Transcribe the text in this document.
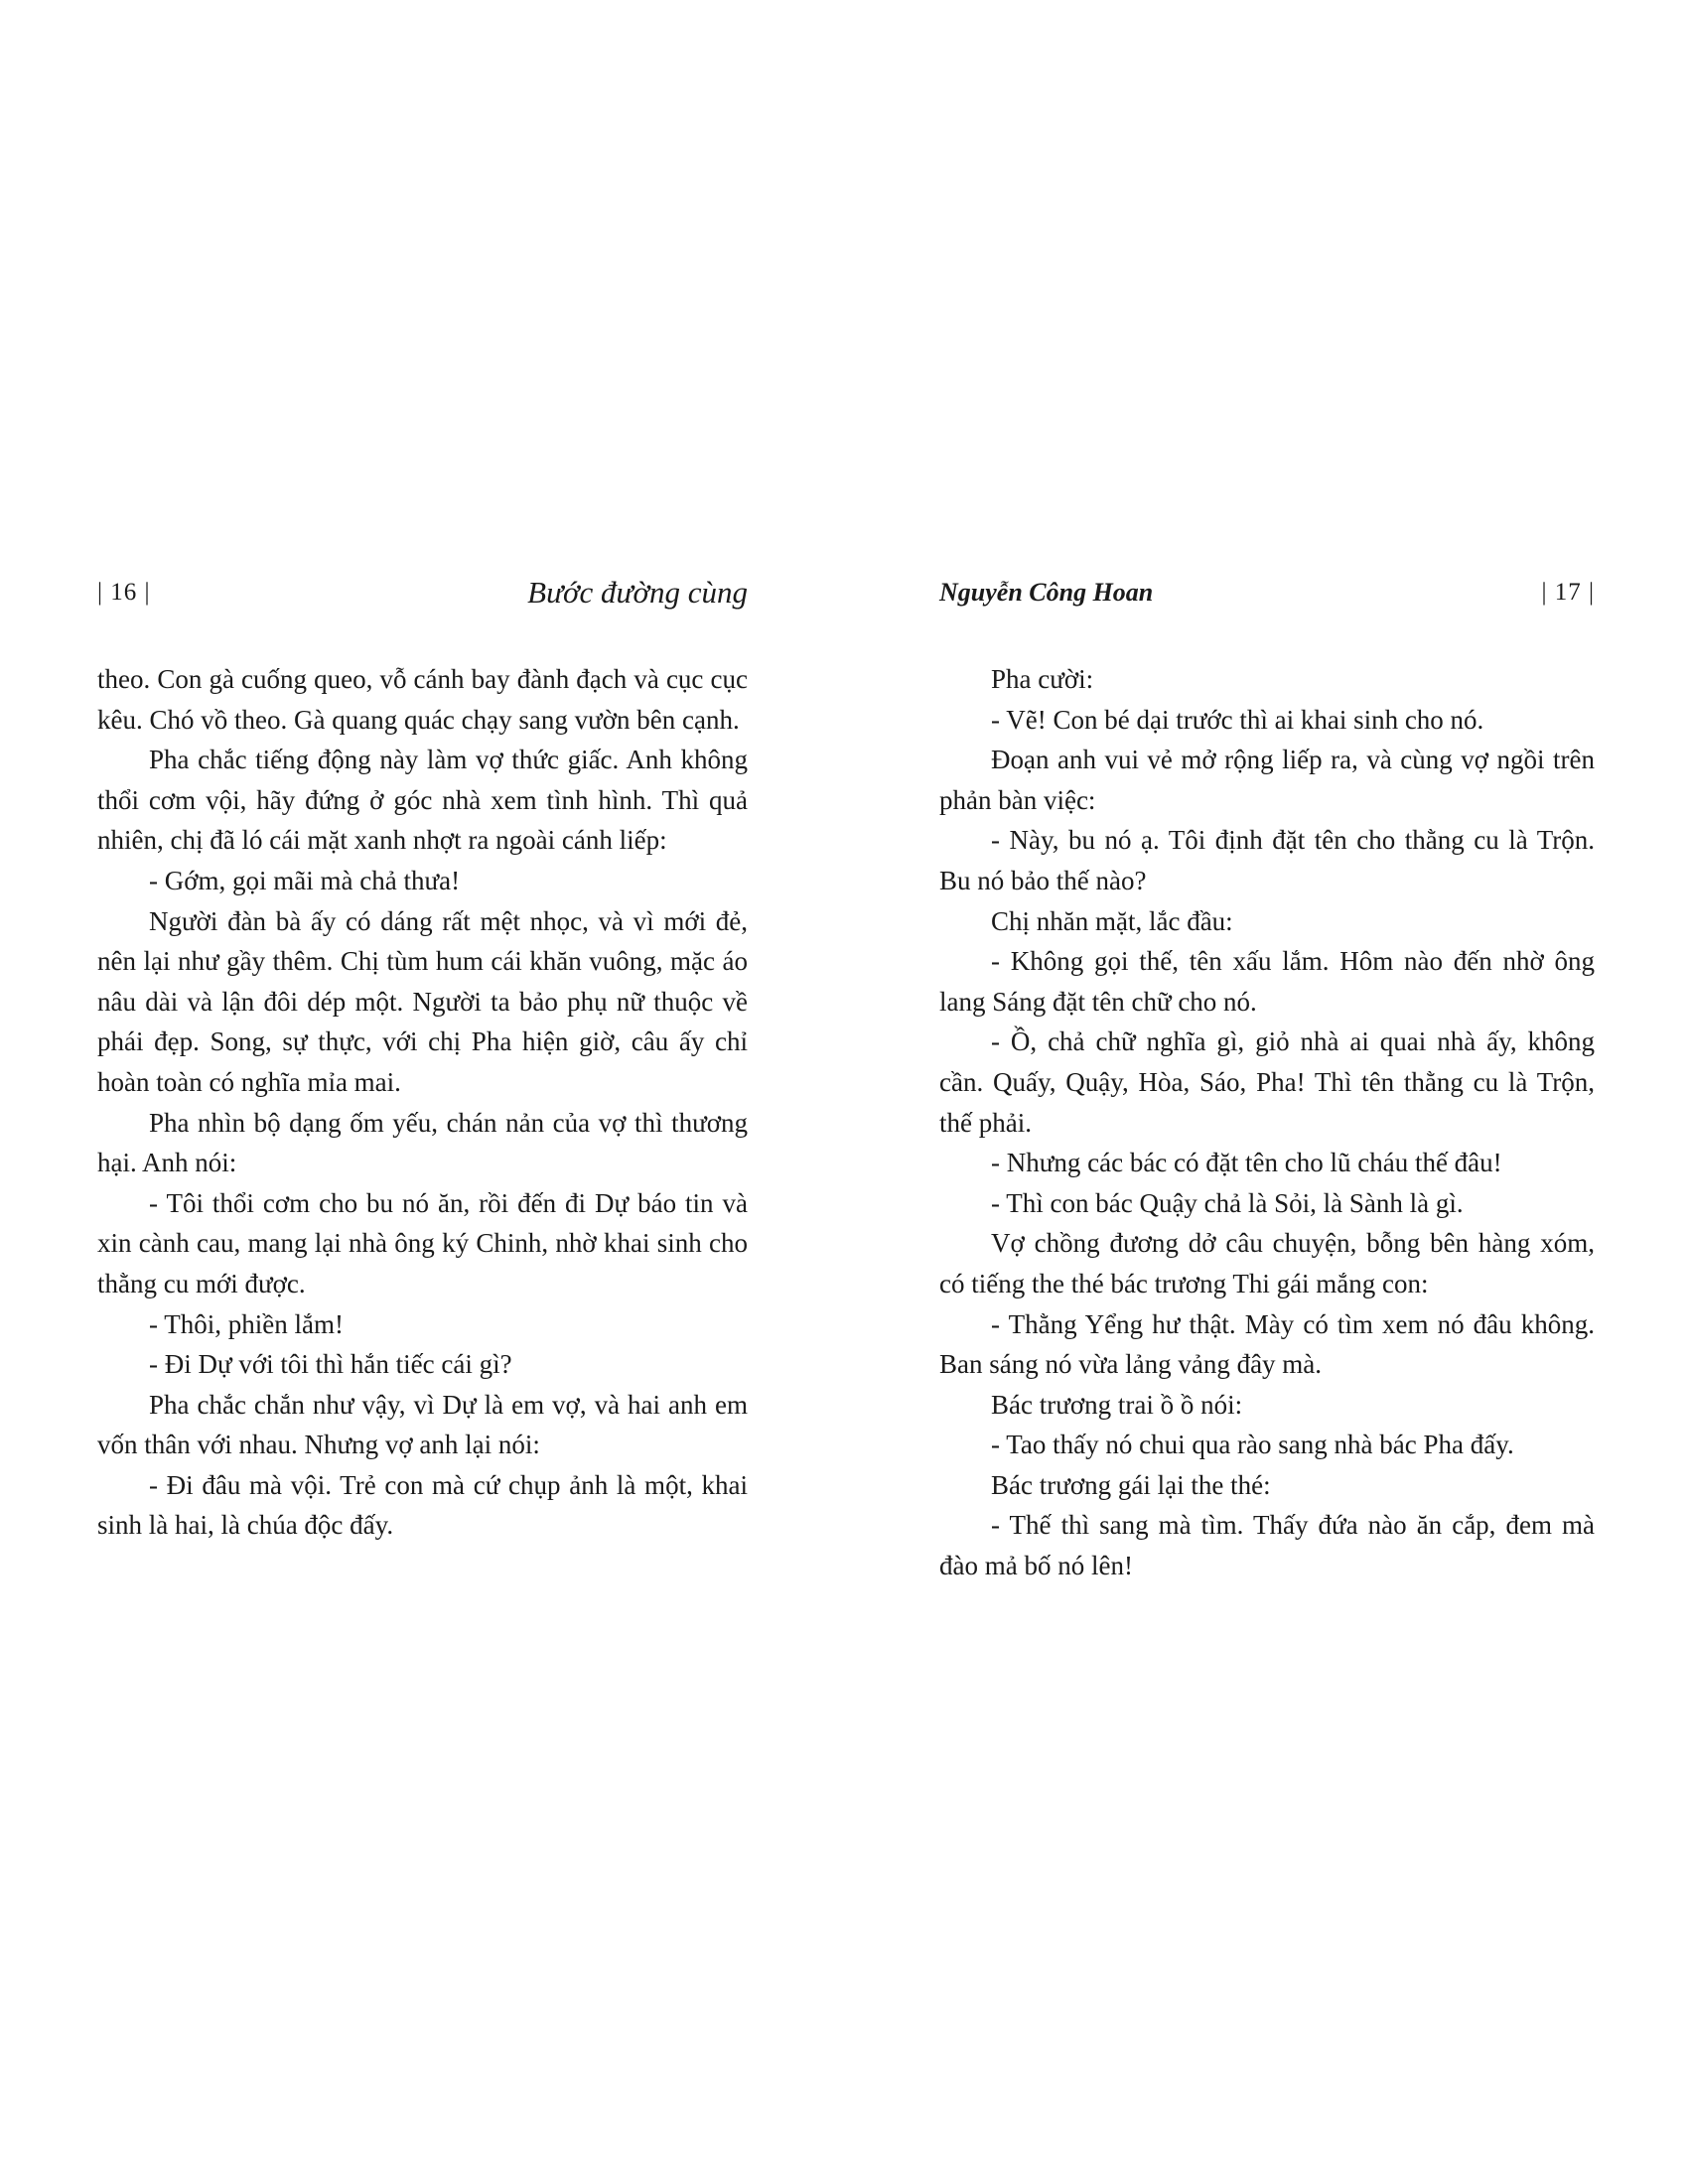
| 16 |	Bước đường cùng

theo. Con gà cuống queo, vỗ cánh bay đành đạch và cục cục kêu. Chó vồ theo. Gà quang quác chạy sang vườn bên cạnh.

Pha chắc tiếng động này làm vợ thức giấc. Anh không thổi cơm vội, hãy đứng ở góc nhà xem tình hình. Thì quả nhiên, chị đã ló cái mặt xanh nhợt ra ngoài cánh liếp:

- Gớm, gọi mãi mà chả thưa!

Người đàn bà ấy có dáng rất mệt nhọc, và vì mới đẻ, nên lại như gầy thêm. Chị tùm hum cái khăn vuông, mặc áo nâu dài và lận đôi dép một. Người ta bảo phụ nữ thuộc về phái đẹp. Song, sự thực, với chị Pha hiện giờ, câu ấy chỉ hoàn toàn có nghĩa mỉa mai.

Pha nhìn bộ dạng ốm yếu, chán nản của vợ thì thương hại. Anh nói:

- Tôi thổi cơm cho bu nó ăn, rồi đến đi Dự báo tin và xin cành cau, mang lại nhà ông ký Chinh, nhờ khai sinh cho thằng cu mới được.

- Thôi, phiền lắm!

- Đi Dự với tôi thì hắn tiếc cái gì?

Pha chắc chắn như vậy, vì Dự là em vợ, và hai anh em vốn thân với nhau. Nhưng vợ anh lại nói:

- Đi đâu mà vội. Trẻ con mà cứ chụp ảnh là một, khai sinh là hai, là chúa độc đấy.

Nguyễn Công Hoan	| 17 |

Pha cười:

- Vẽ! Con bé dại trước thì ai khai sinh cho nó.

Đoạn anh vui vẻ mở rộng liếp ra, và cùng vợ ngồi trên phản bàn việc:

- Này, bu nó ạ. Tôi định đặt tên cho thằng cu là Trộn. Bu nó bảo thế nào?

Chị nhăn mặt, lắc đầu:

- Không gọi thế, tên xấu lắm. Hôm nào đến nhờ ông lang Sáng đặt tên chữ cho nó.

- Ồ, chả chữ nghĩa gì, giỏ nhà ai quai nhà ấy, không cần. Quấy, Quậy, Hòa, Sáo, Pha! Thì tên thằng cu là Trộn, thế phải.

- Nhưng các bác có đặt tên cho lũ cháu thế đâu!

- Thì con bác Quậy chả là Sỏi, là Sành là gì.

Vợ chồng đương dở câu chuyện, bỗng bên hàng xóm, có tiếng the thé bác trương Thi gái mắng con:

- Thằng Yểng hư thật. Mày có tìm xem nó đâu không. Ban sáng nó vừa lảng vảng đây mà.

Bác trương trai ồ ồ nói:

- Tao thấy nó chui qua rào sang nhà bác Pha đấy.

Bác trương gái lại the thé:

- Thế thì sang mà tìm. Thấy đứa nào ăn cắp, đem mà đào mả bố nó lên!
